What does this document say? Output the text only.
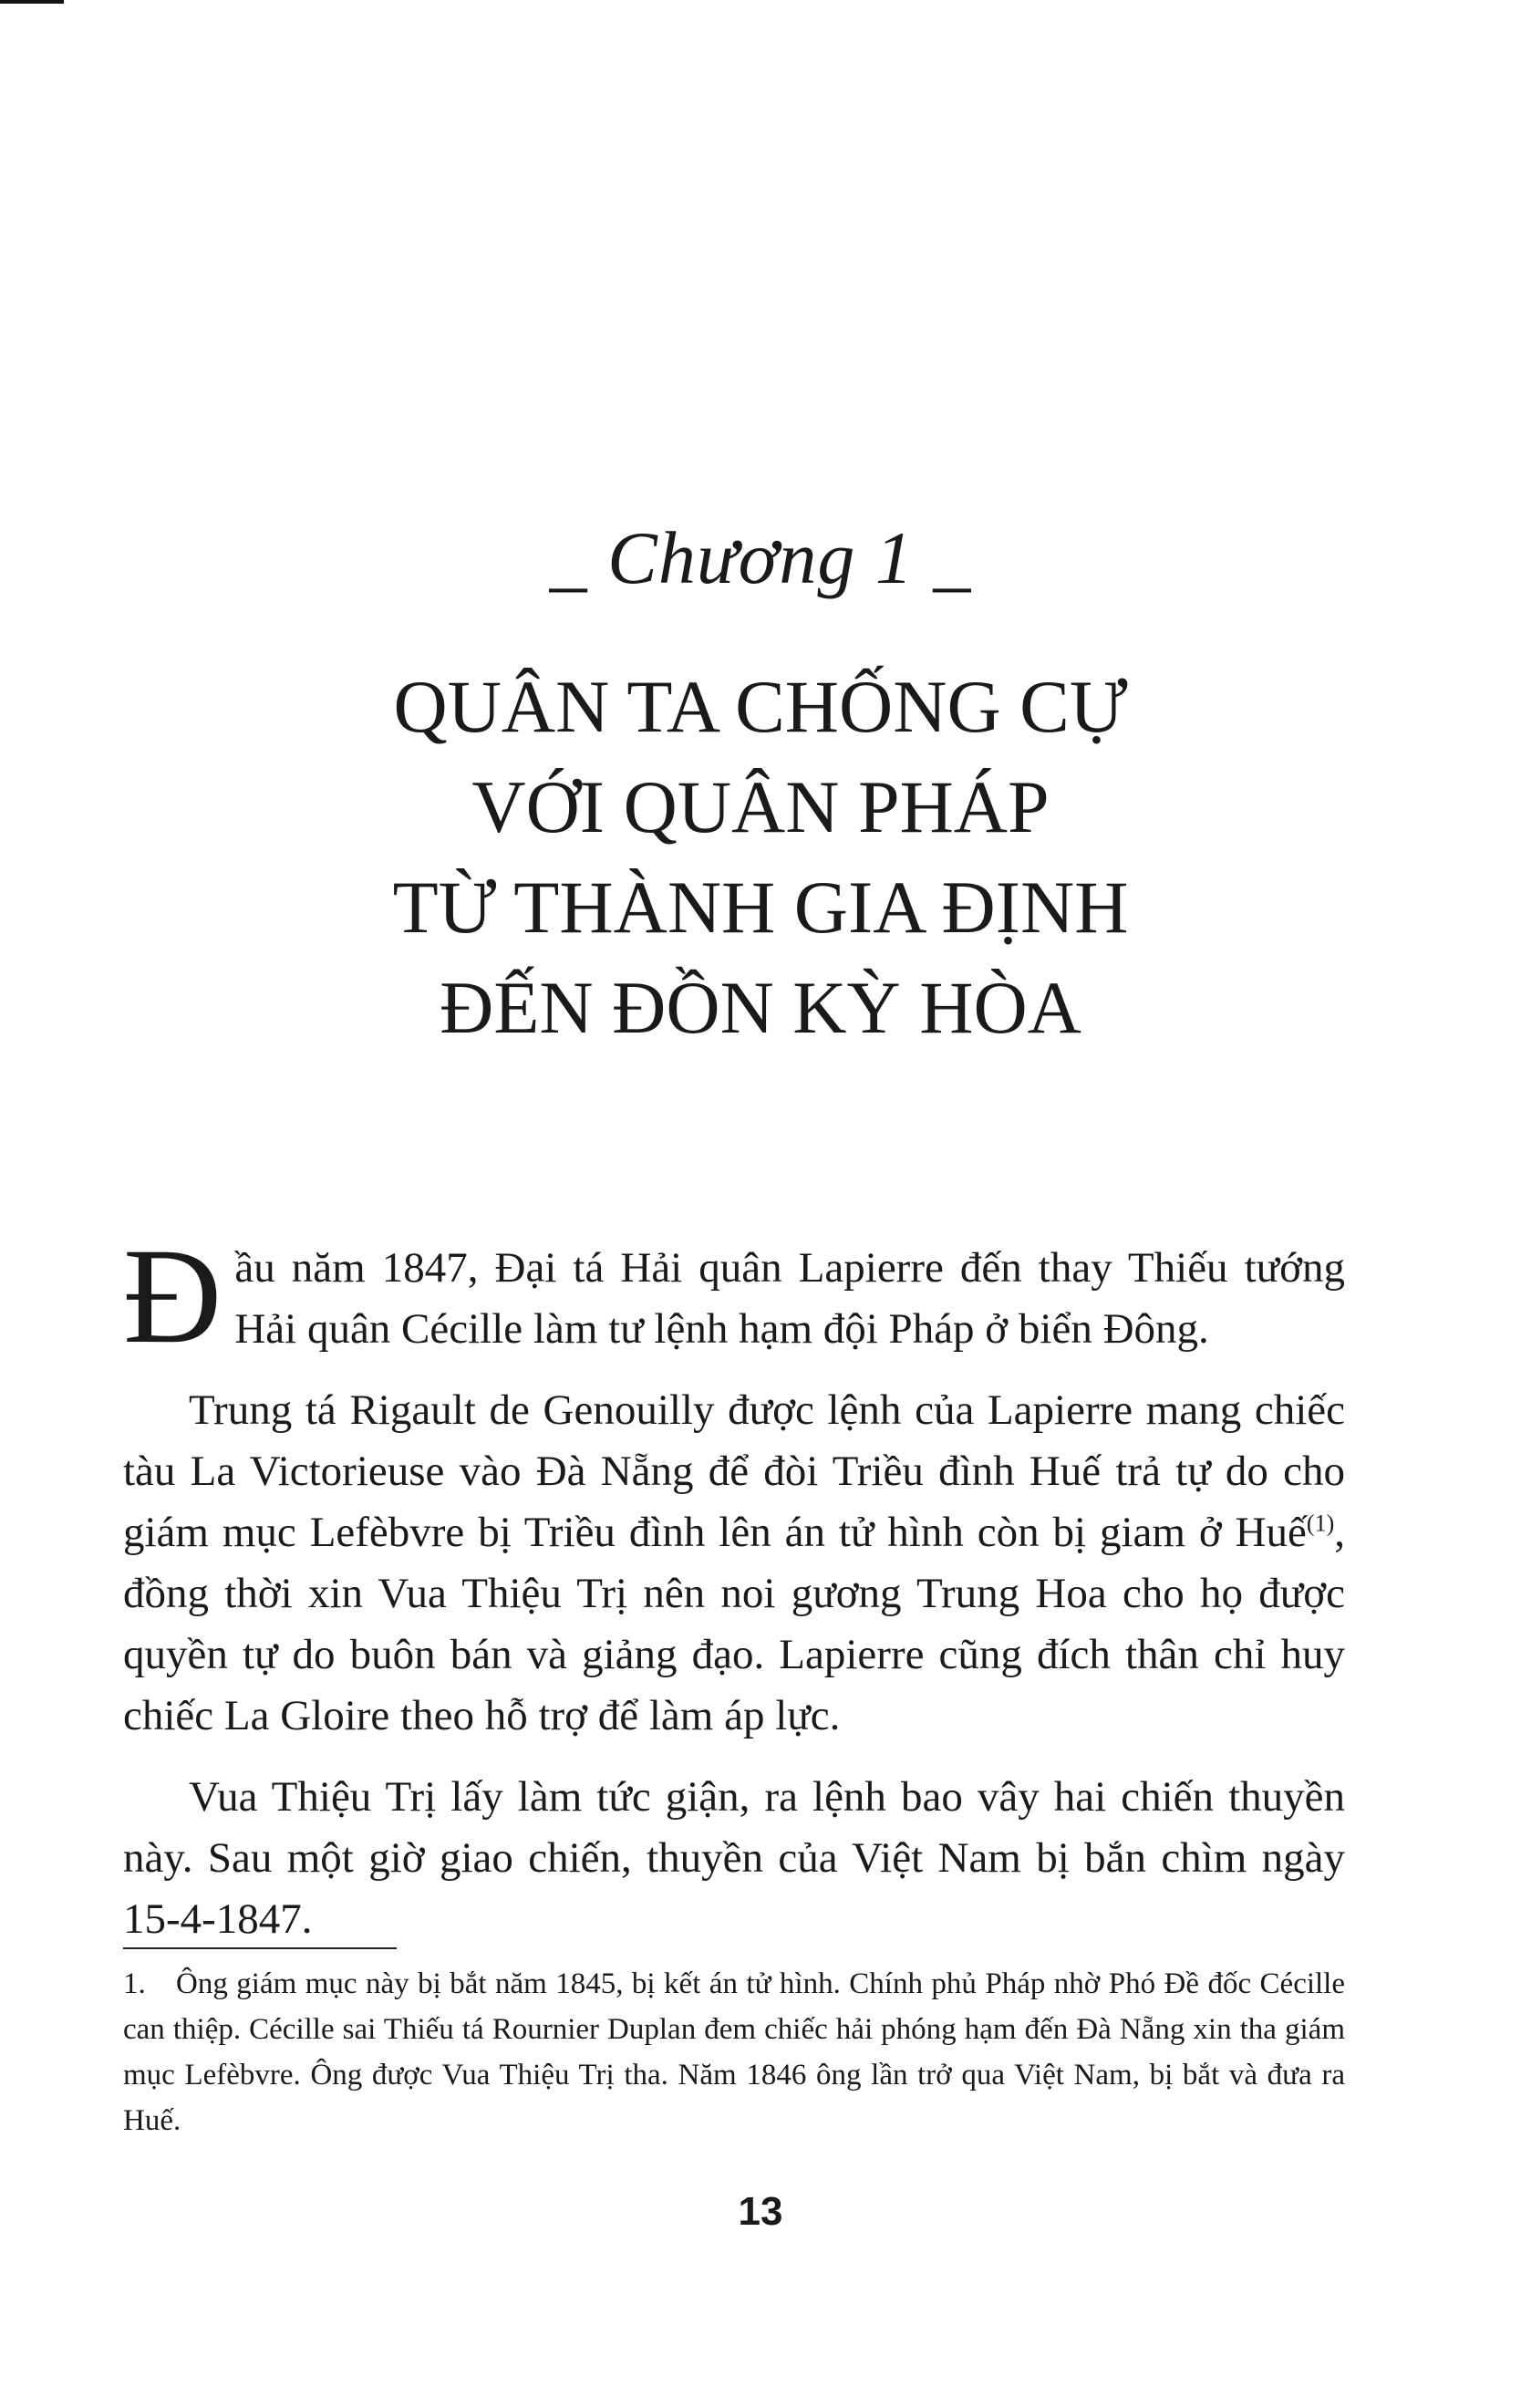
_ Chương 1 _
QUÂN TA CHỐNG CỰ
VỚI QUÂN PHÁP
TỪ THÀNH GIA ĐỊNH
ĐẾN ĐỒN KỲ HÒA

Đầu năm 1847, Đại tá Hải quân Lapierre đến thay Thiếu tướng Hải quân Cécille làm tư lệnh hạm đội Pháp ở biển Đông.

Trung tá Rigault de Genouilly được lệnh của Lapierre mang chiếc tàu La Victorieuse vào Đà Nẵng để đòi Triều đình Huế trả tự do cho giám mục Lefèbvre bị Triều đình lên án tử hình còn bị giam ở Huế$^{(1)}$, đồng thời xin Vua Thiệu Trị nên noi gương Trung Hoa cho họ được quyền tự do buôn bán và giảng đạo. Lapierre cũng đích thân chỉ huy chiếc La Gloire theo hỗ trợ để làm áp lực.

Vua Thiệu Trị lấy làm tức giận, ra lệnh bao vây hai chiến thuyền này. Sau một giờ giao chiến, thuyền của Việt Nam bị bắn chìm ngày 15-4-1847.

1. Ông giám mục này bị bắt năm 1845, bị kết án tử hình. Chính phủ Pháp nhờ Phó Đề đốc Cécille can thiệp. Cécille sai Thiếu tá Rournier Duplan đem chiếc hải phóng hạm đến Đà Nẵng xin tha giám mục Lefèbvre. Ông được Vua Thiệu Trị tha. Năm 1846 ông lần trở qua Việt Nam, bị bắt và đưa ra Huế.
13
